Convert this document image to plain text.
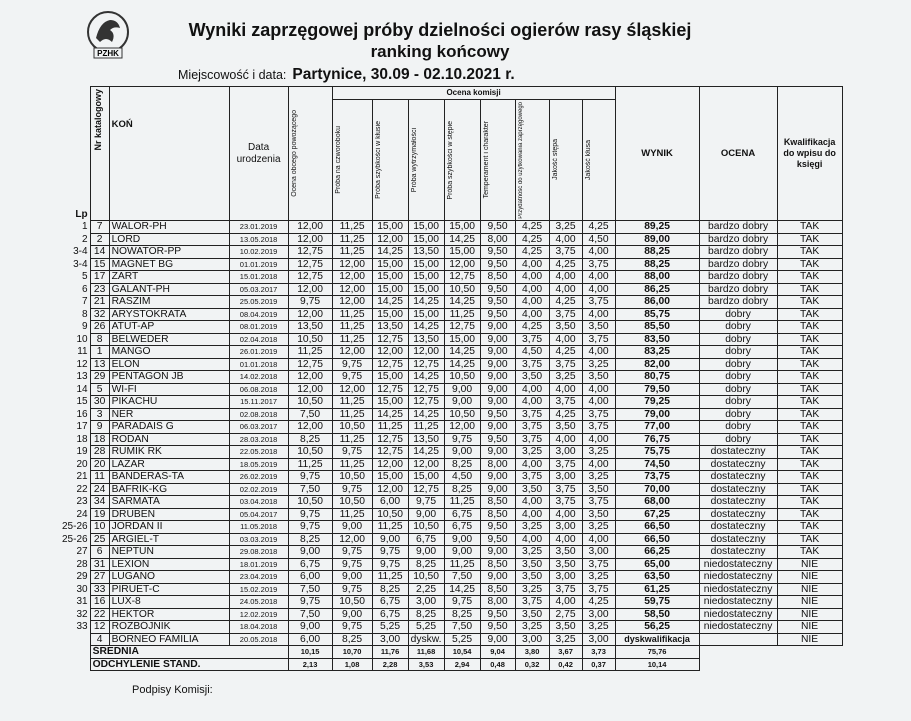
PZHK
Wyniki zaprzęgowej próby dzielności ogierów rasy śląskiej
ranking końcowy
Miejscowość i data: Partynice, 30.09 - 02.10.2021 r.
Lp	Nr katalogowy	KOŃ	Data urodzenia	Ocena obcego powożącego	Ocena komisji								WYNIK	OCENA	Kwalifikacja do wpisu do księgi

					Próba na czworoboku	Próba szybkości w kłusie	Próba wytrzymałości	Próba szybkości w stępie	Temperament i charakter	Przydatność do użytkowania zaprzęgowego	Jakość stępa	Jakość kłusa			

1	7	WALOR-PH	23.01.2019	12,00	11,25	15,00	15,00	15,00	9,50	4,25	3,25	4,25	89,25	bardzo dobry	TAK
2	2	LORD	13.05.2018	12,00	11,25	12,00	15,00	14,25	8,00	4,25	4,00	4,50	89,00	bardzo dobry	TAK
3-4	14	NOWATOR-PP	10.02.2019	12,75	11,25	14,25	13,50	15,00	9,50	4,25	3,75	4,00	88,25	bardzo dobry	TAK
3-4	15	MAGNET BG	01.01.2019	12,75	12,00	15,00	15,00	12,00	9,50	4,00	4,25	3,75	88,25	bardzo dobry	TAK
5	17	ZART	15.01.2018	12,75	12,00	15,00	15,00	12,75	8,50	4,00	4,00	4,00	88,00	bardzo dobry	TAK
6	23	GALANT-PH	05.03.2017	12,00	12,00	15,00	15,00	10,50	9,50	4,00	4,00	4,00	86,25	bardzo dobry	TAK
7	21	RASZIM	25.05.2019	9,75	12,00	14,25	14,25	14,25	9,50	4,00	4,25	3,75	86,00	bardzo dobry	TAK
8	32	ARYSTOKRATA	08.04.2019	12,00	11,25	15,00	15,00	11,25	9,50	4,00	3,75	4,00	85,75	dobry	TAK
9	26	ATUT-AP	08.01.2019	13,50	11,25	13,50	14,25	12,75	9,00	4,25	3,50	3,50	85,50	dobry	TAK
10	8	BELWEDER	02.04.2018	10,50	11,25	12,75	13,50	15,00	9,00	3,75	4,00	3,75	83,50	dobry	TAK
11	1	MANGO	26.01.2019	11,25	12,00	12,00	12,00	14,25	9,00	4,50	4,25	4,00	83,25	dobry	TAK
12	13	ELON	01.01.2018	12,75	9,75	12,75	12,75	14,25	9,00	3,75	3,75	3,25	82,00	dobry	TAK
13	29	PENTAGON JB	14.02.2018	12,00	9,75	15,00	14,25	10,50	9,00	3,50	3,25	3,50	80,75	dobry	TAK
14	5	WI-FI	06.08.2018	12,00	12,00	12,75	12,75	9,00	9,00	4,00	4,00	4,00	79,50	dobry	TAK
15	30	PIKACHU	15.11.2017	10,50	11,25	15,00	12,75	9,00	9,00	4,00	3,75	4,00	79,25	dobry	TAK
16	3	NER	02.08.2018	7,50	11,25	14,25	14,25	10,50	9,50	3,75	4,25	3,75	79,00	dobry	TAK
17	9	PARADAIS G	06.03.2017	12,00	10,50	11,25	11,25	12,00	9,00	3,75	3,50	3,75	77,00	dobry	TAK
18	18	RODAN	28.03.2018	8,25	11,25	12,75	13,50	9,75	9,50	3,75	4,00	4,00	76,75	dobry	TAK
19	28	RUMIK RK	22.05.2018	10,50	9,75	12,75	14,25	9,00	9,00	3,25	3,00	3,25	75,75	dostateczny	TAK
20	20	LAZAR	18.05.2019	11,25	11,25	12,00	12,00	8,25	8,00	4,00	3,75	4,00	74,50	dostateczny	TAK
21	11	BANDERAS-TA	26.02.2019	9,75	10,50	15,00	15,00	4,50	9,00	3,75	3,00	3,25	73,75	dostateczny	TAK
22	24	BAFRIK-KG	02.02.2019	7,50	9,75	12,00	12,75	8,25	9,00	3,50	3,75	3,50	70,00	dostateczny	TAK
23	34	SARMATA	03.04.2018	10,50	10,50	6,00	9,75	11,25	8,50	4,00	3,75	3,75	68,00	dostateczny	TAK
24	19	DRUBEN	05.04.2017	9,75	11,25	10,50	9,00	6,75	8,50	4,00	4,00	3,50	67,25	dostateczny	TAK
25-26	10	JORDAN II	11.05.2018	9,75	9,00	11,25	10,50	6,75	9,50	3,25	3,00	3,25	66,50	dostateczny	TAK
25-26	25	ARGIEL-T	03.03.2019	8,25	12,00	9,00	6,75	9,00	9,50	4,00	4,00	4,00	66,50	dostateczny	TAK
27	6	NEPTUN	29.08.2018	9,00	9,75	9,75	9,00	9,00	9,00	3,25	3,50	3,00	66,25	dostateczny	TAK
28	31	LEXION	18.01.2019	6,75	9,75	9,75	8,25	11,25	8,50	3,50	3,50	3,75	65,00	niedostateczny	NIE
29	27	LUGANO	23.04.2019	6,00	9,00	11,25	10,50	7,50	9,00	3,50	3,00	3,25	63,50	niedostateczny	NIE
30	33	PIRUET-C	15.02.2019	7,50	9,75	8,25	2,25	14,25	8,50	3,25	3,75	3,75	61,25	niedostateczny	NIE
31	16	LUX-8	24.05.2018	9,75	10,50	6,75	3,00	9,75	8,00	3,75	4,00	4,25	59,75	niedostateczny	NIE
32	22	HEKTOR	12.02.2019	7,50	9,00	6,75	8,25	8,25	9,50	3,50	2,75	3,00	58,50	niedostateczny	NIE
33	12	ROZBÓJNIK	18.04.2018	9,00	9,75	5,25	5,25	7,50	9,50	3,25	3,50	3,25	56,25	niedostateczny	NIE
	4	BORNEO FAMILIA	20.05.2018	6,00	8,25	3,00	dyskw.	5,25	9,00	3,00	3,25	3,00	dyskwalifikacja		NIE
	ŚREDNIA			10,15	10,70	11,76	11,68	10,54	9,04	3,80	3,67	3,73	75,76		
	ODCHYLENIE STAND.			2,13	1,08	2,28	3,53	2,94	0,48	0,32	0,42	0,37	10,14		
Podpisy Komisji:
